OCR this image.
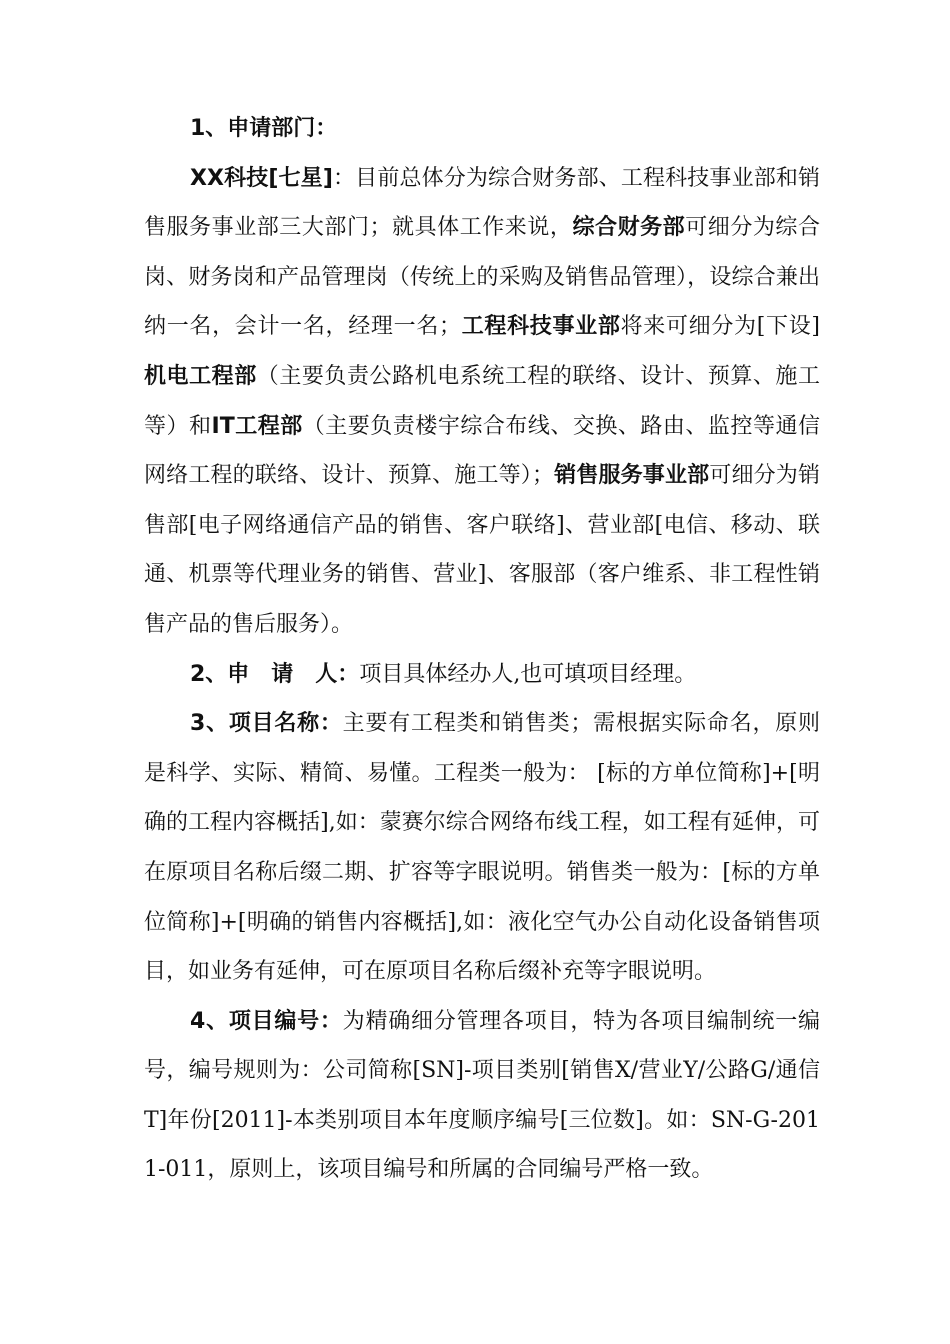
1、申请部门：

XX科技[七星]：目前总体分为综合财务部、工程科技事业部和销售服务事业部三大部门；就具体工作来说，综合财务部可细分为综合岗、财务岗和产品管理岗（传统上的采购及销售品管理），设综合兼出纳一名，会计一名，经理一名；工程科技事业部将来可细分为[下设]机电工程部（主要负责公路机电系统工程的联络、设计、预算、施工等）和IT工程部（主要负责楼宇综合布线、交换、路由、监控等通信网络工程的联络、设计、预算、施工等）；销售服务事业部可细分为销售部[电子网络通信产品的销售、客户联络]、营业部[电信、移动、联通、机票等代理业务的销售、营业]、客服部（客户维系、非工程性销售产品的售后服务）。

2、申　请　人：项目具体经办人,也可填项目经理。

3、项目名称：主要有工程类和销售类；需根据实际命名，原则是科学、实际、精简、易懂。工程类一般为： [标的方单位简称]+[明确的工程内容概括],如：蒙赛尔综合网络布线工程，如工程有延伸，可在原项目名称后缀二期、扩容等字眼说明。销售类一般为：[标的方单位简称]+[明确的销售内容概括],如：液化空气办公自动化设备销售项目，如业务有延伸，可在原项目名称后缀补充等字眼说明。

4、项目编号：为精确细分管理各项目，特为各项目编制统一编号，编号规则为：公司简称[SN]-项目类别[销售X/营业Y/公路G/通信T]年份[2011]-本类别项目本年度顺序编号[三位数]。如：SN-G-2011-011，原则上，该项目编号和所属的合同编号严格一致。
